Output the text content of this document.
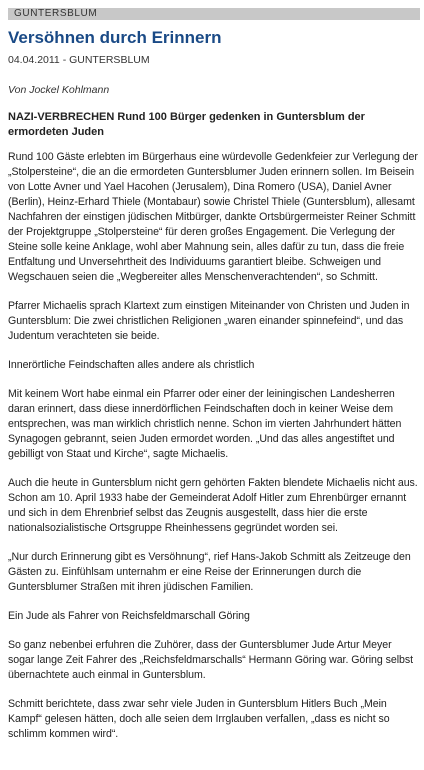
GUNTERSBLUM
Versöhnen durch Erinnern
04.04.2011 - GUNTERSBLUM
Von Jockel Kohlmann

NAZI-VERBRECHEN Rund 100 Bürger gedenken in Guntersblum der ermordeten Juden

Rund 100 Gäste erlebten im Bürgerhaus eine würdevolle Gedenkfeier zur Verlegung der „Stolpersteine“, die an die ermordeten Guntersblumer Juden erinnern sollen. Im Beisein von Lotte Avner und Yael Hacohen (Jerusalem), Dina Romero (USA), Daniel Avner (Berlin), Heinz-Erhard Thiele (Montabaur) sowie Christel Thiele (Guntersblum), allesamt Nachfahren der einstigen jüdischen Mitbürger, dankte Ortsbürgermeister Reiner Schmitt der Projektgruppe „Stolpersteine“ für deren großes Engagement. Die Verlegung der Steine solle keine Anklage, wohl aber Mahnung sein, alles dafür zu tun, dass die freie Entfaltung und Unversehrtheit des Individuums garantiert bleibe. Schweigen und Wegschauen seien die „Wegbereiter alles Menschenverachtenden“, so Schmitt.

Pfarrer Michaelis sprach Klartext zum einstigen Miteinander von Christen und Juden in Guntersblum: Die zwei christlichen Religionen „waren einander spinnefeind“, und das Judentum verachteten sie beide.

Innerörtliche Feindschaften alles andere als christlich

Mit keinem Wort habe einmal ein Pfarrer oder einer der leiningischen Landesherren daran erinnert, dass diese innerdörflichen Feindschaften doch in keiner Weise dem entsprechen, was man wirklich christlich nenne. Schon im vierten Jahrhundert hätten Synagogen gebrannt, seien Juden ermordet worden. „Und das alles angestiftet und gebilligt von Staat und Kirche“, sagte Michaelis.

Auch die heute in Guntersblum nicht gern gehörten Fakten blendete Michaelis nicht aus. Schon am 10. April 1933 habe der Gemeinderat Adolf Hitler zum Ehrenbürger ernannt und sich in dem Ehrenbrief selbst das Zeugnis ausgestellt, dass hier die erste nationalsozialistische Ortsgruppe Rheinhessens gegründet worden sei.

„Nur durch Erinnerung gibt es Versöhnung“, rief Hans-Jakob Schmitt als Zeitzeuge den Gästen zu. Einfühlsam unternahm er eine Reise der Erinnerungen durch die Guntersblumer Straßen mit ihren jüdischen Familien.

Ein Jude als Fahrer von Reichsfeldmarschall Göring

So ganz nebenbei erfuhren die Zuhörer, dass der Guntersblumer Jude Artur Meyer sogar lange Zeit Fahrer des „Reichsfeldmarschalls“ Hermann Göring war. Göring selbst übernachtete auch einmal in Guntersblum.

Schmitt berichtete, dass zwar sehr viele Juden in Guntersblum Hitlers Buch „Mein Kampf“ gelesen hätten, doch alle seien dem Irrglauben verfallen, „dass es nicht so schlimm kommen wird“.
